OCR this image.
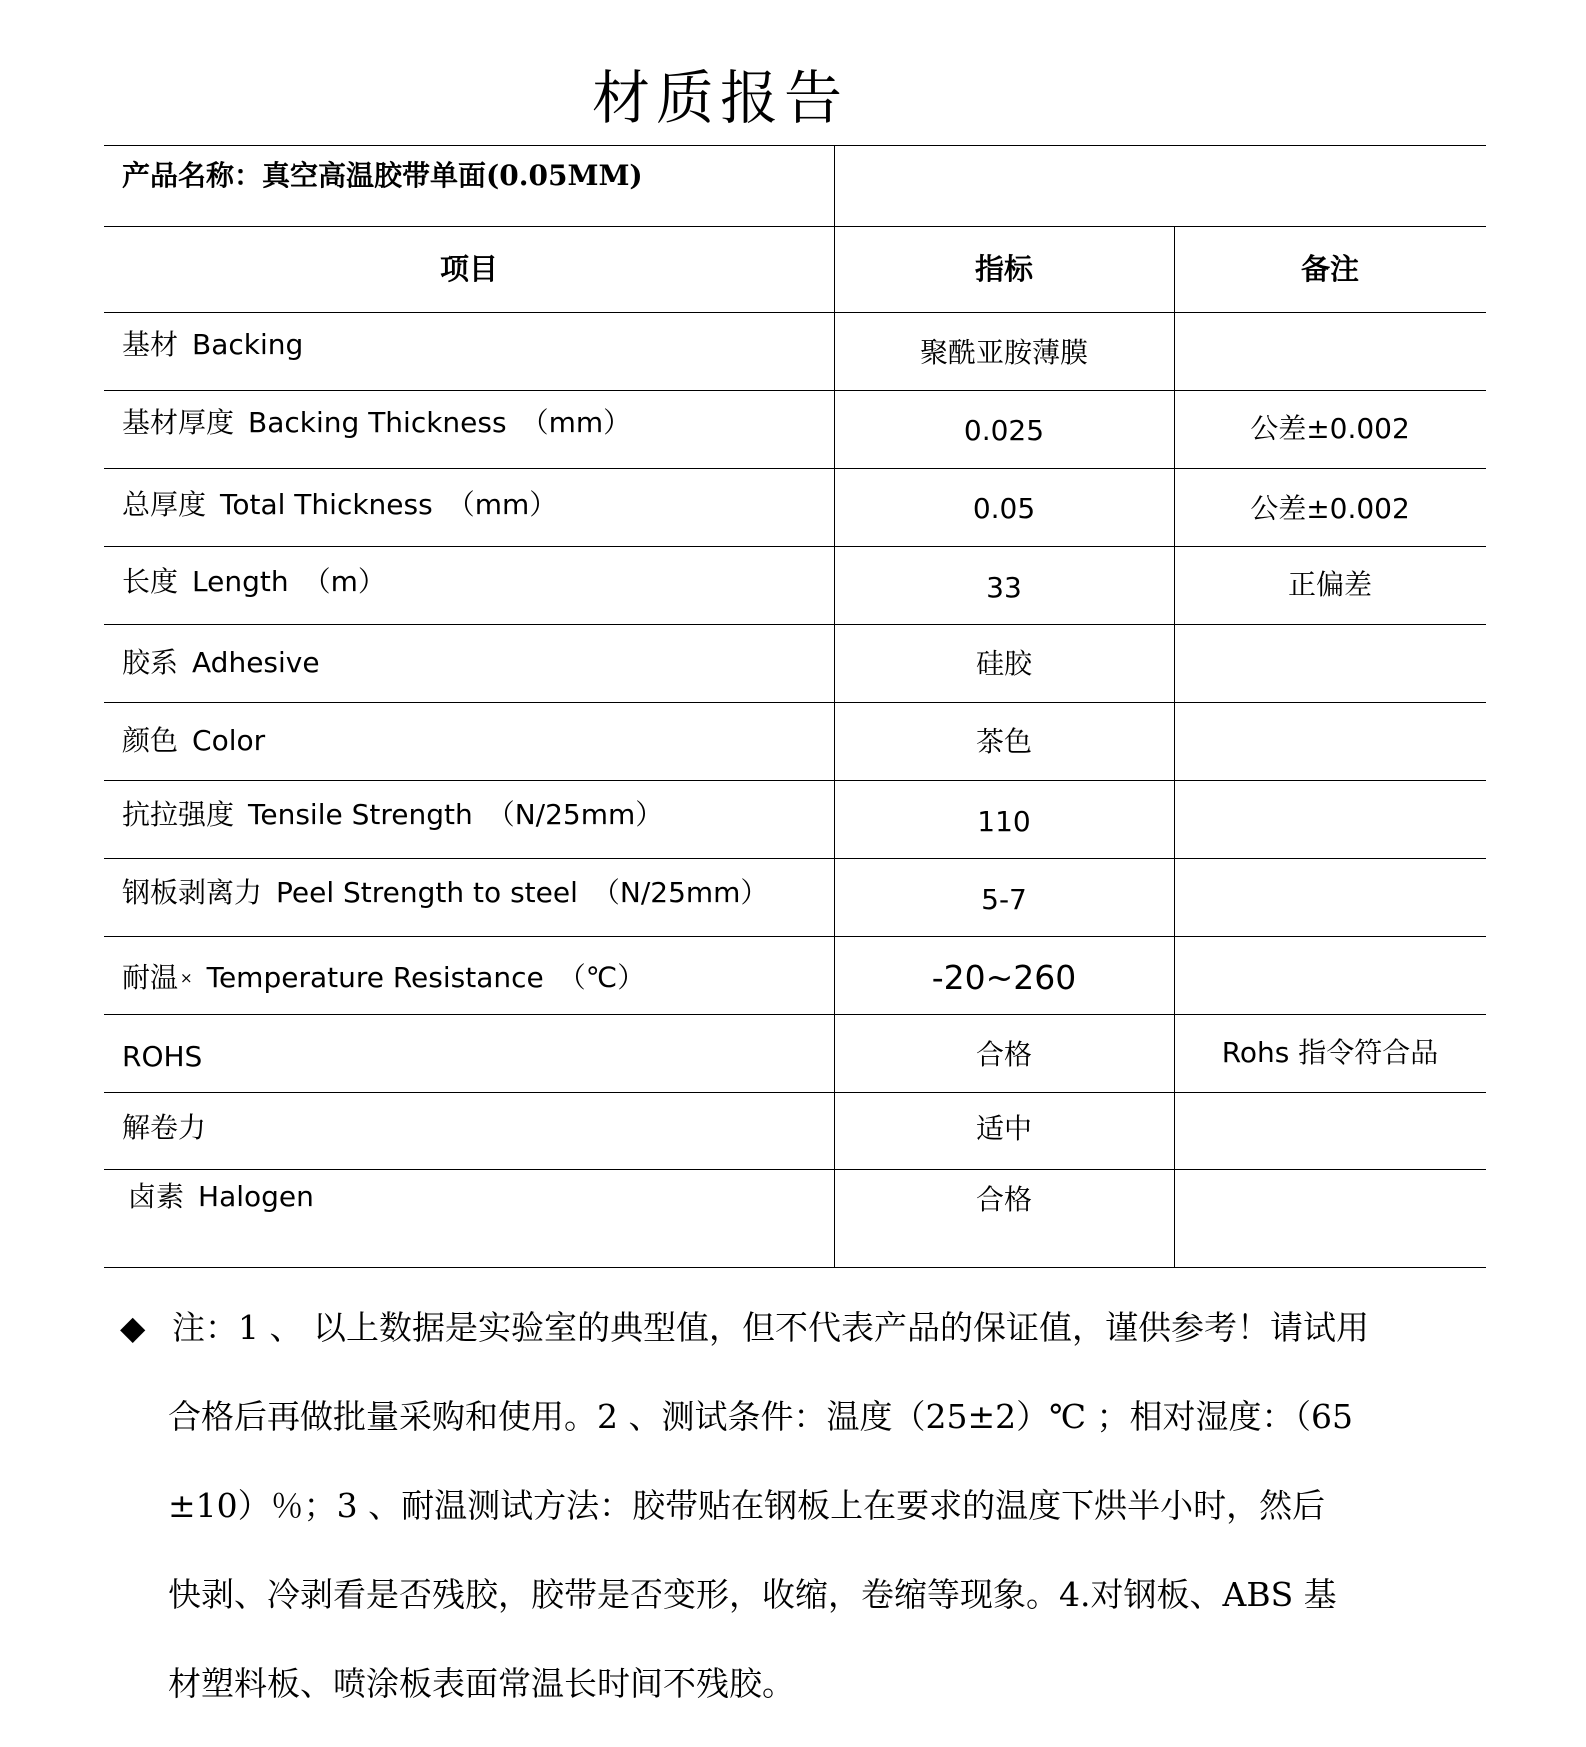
材质报告
产品名称：真空高温胶带单面(0.05MM)
项目	指标	备注
基材 Backing	聚酰亚胺薄膜
基材厚度 Backing Thickness （mm）	0.025	公差±0.002
总厚度 Total Thickness （mm）	0.05	公差±0.002
长度 Length （m）	33	正偏差
胶系 Adhesive	硅胶
颜色 Color	茶色
抗拉强度 Tensile Strength （N/25mm）	110
钢板剥离力 Peel Strength to steel （N/25mm）	5-7
耐温 × Temperature Resistance （℃）	-20~260
ROHS	合格	Rohs 指令符合品
解卷力	适中
卤素 Halogen	合格
◆ 注：1 、 以上数据是实验室的典型值，但不代表产品的保证值，谨供参考！请试用
合格后再做批量采购和使用。2 、测试条件：温度（25±2）℃ ；相对湿度：（65
±10）％；3 、耐温测试方法：胶带贴在钢板上在要求的温度下烘半小时，然后
快剥、冷剥看是否残胶，胶带是否变形，收缩，卷缩等现象。4.对钢板、ABS 基
材塑料板、喷涂板表面常温长时间不残胶。
